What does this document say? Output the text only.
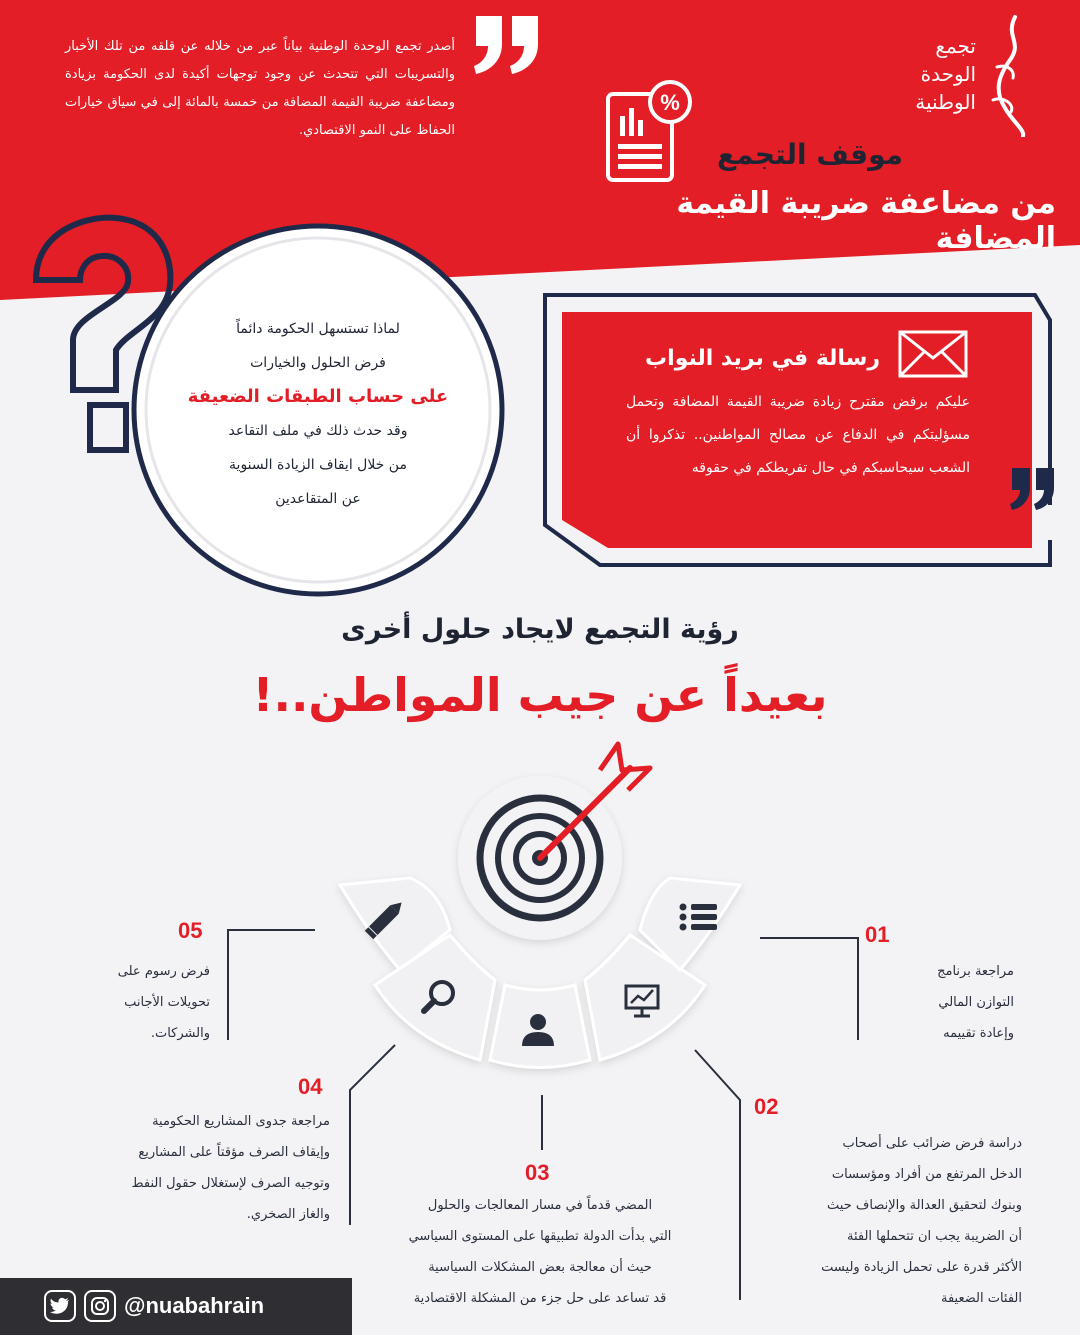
تجمع
الوحدة
الوطنية
أصدر تجمع الوحدة الوطنية بياناً عبر من خلاله عن قلقه من تلك الأخبار والتسريبات التي تتحدث عن وجود توجهات أكيدة لدى الحكومة بزيادة ومضاعفة ضريبة القيمة المضافة من خمسة بالمائة إلى في سياق خيارات الحفاظ على النمو الاقتصادي.
%
موقف التجمع
من مضاعفة ضريبة القيمة المضافة
لماذا تستسهل الحكومة دائماً
فرض الحلول والخيارات
على حساب الطبقات الضعيفة
وقد حدث ذلك في ملف التقاعد
من خلال ايقاف الزيادة السنوية
عن المتقاعدين
رسالة في بريد النواب
عليكم برفض مقترح زيادة ضريبة القيمة المضافة وتحمل مسؤليتكم في الدفاع عن مصالح المواطنين.. تذكروا أن الشعب سيحاسبكم في حال تفريطكم في حقوقه
رؤية التجمع لايجاد حلول أخرى
بعيداً عن جيب المواطن..!
01
مراجعة برنامج
التوازن المالي
وإعادة تقييمه
02
دراسة فرض ضرائب على أصحاب
الدخل المرتفع من أفراد ومؤسسات
وبنوك لتحقيق العدالة والإنصاف حيث
أن الضريبة يجب ان تتحملها الفئة
الأكثر قدرة على تحمل الزيادة وليست
الفئات الضعيفة
03
المضي قدماً في مسار المعالجات والحلول
التي بدأت الدولة تطبيقها على المستوى السياسي
حيث أن معالجة بعض المشكلات السياسية
قد تساعد على حل جزء من المشكلة الاقتصادية
04
مراجعة جدوى المشاريع الحكومية
وإيقاف الصرف مؤقتاً على المشاريع
وتوجيه الصرف لإستغلال حقول النفط
والغاز الصخري.
05
فرض رسوم على
تحويلات الأجانب
والشركات.
@nuabahrain
